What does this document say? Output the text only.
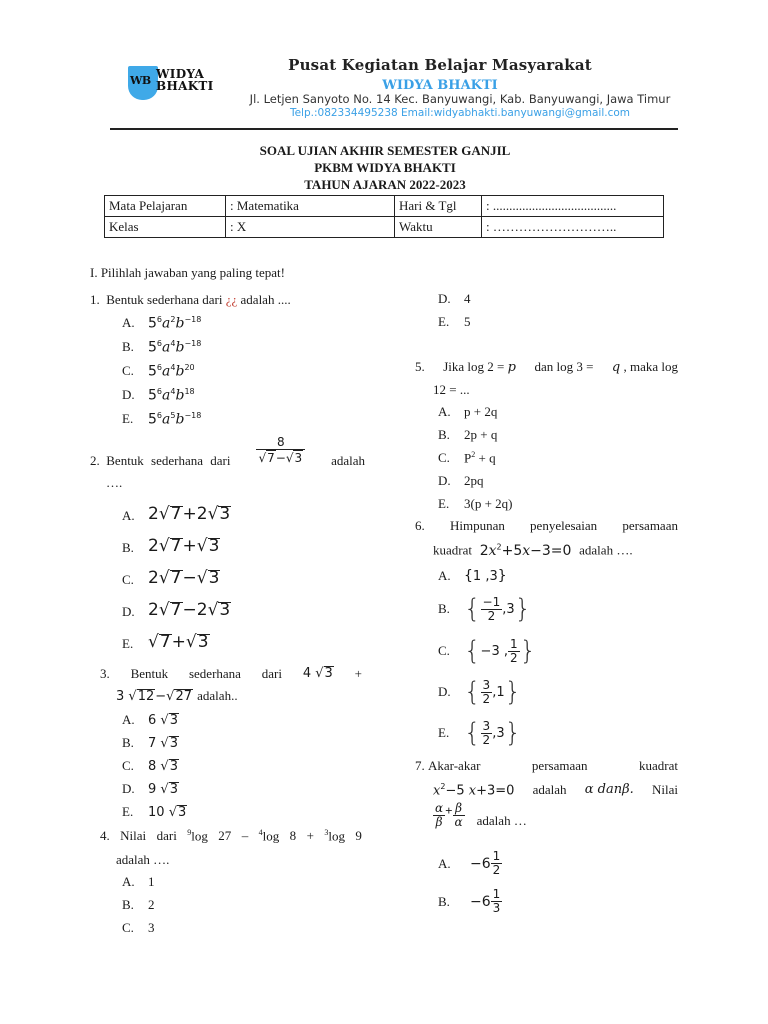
WB WIDYA
BHAKTI
Pusat Kegiatan Belajar Masyarakat
WIDYA BHAKTI
Jl. Letjen Sanyoto No. 14 Kec. Banyuwangi, Kab. Banyuwangi, Jawa Timur
Telp.:082334495238 Email:widyabhakti.banyuwangi@gmail.com
SOAL UJIAN AKHIR SEMESTER GANJIL
PKBM WIDYA BHAKTI
TAHUN AJARAN 2022-2023
Mata Pelajaran	: Matematika	Hari & Tgl	: ......................................
Kelas	: X	Waktu	: ………………………..
I. Pilihlah jawaban yang paling tepat!
1. Bentuk sederhana dari ¿¿ adalah ....
A. $5^6a^2b^{-18}$
B.	$5^6a^4b^{-18}$
C.	$5^6a^4b^{20}$
D. $5^6a^4b^{18}$
E.	$5^6a^5b^{-18}$
2. Bentuk sederhana dari $\frac{8}{√7-√3}$ adalah
….
A. 2√7+2√3
B. 2√7+√3
C. 2√7−√3
D. 2√7−2√3
E. √7+√3
3. Bentuk sederhana dari 4 √3 +
3 √12−√27 adalah..
A.	6 √3
B.	7 √3
C.	8 √3
D.	9 √3
E.	10 √3
4. Nilai dari $^9$log 27 – $^4$log 8 + $^3$log 9
adalah ….
A.	1
B.	2
C.	3
D.	4
E.	5
5. Jika log 2 = p dan log 3 = q , maka log
12 = ...
A.	p + 2q
B.	2p + q
C.	$P^2 + q$
D.	2pq
E.	3(p + 2q)
6. Himpunan penyelesaian persamaan
kuadrat $2x^2+5x-3=0$ adalah ….
A. { 1 ,3 }
B. { $\frac{-1}{2} ,3$ }
C. { −3 , $\frac{1}{2}$ }
D. { $\frac{3}{2} ,1$ }
E. { $\frac{3}{2} ,3$ }
7. Akar-akar	persamaan	kuadrat
$x^2-5$ x+3=0 adalah α danβ. Nilai
$\frac{\alpha}{\beta} + \frac{\beta}{\alpha}$ adalah …
A.	$-6 \frac{1}{2}$
B.	$-6 \frac{1}{3}$
